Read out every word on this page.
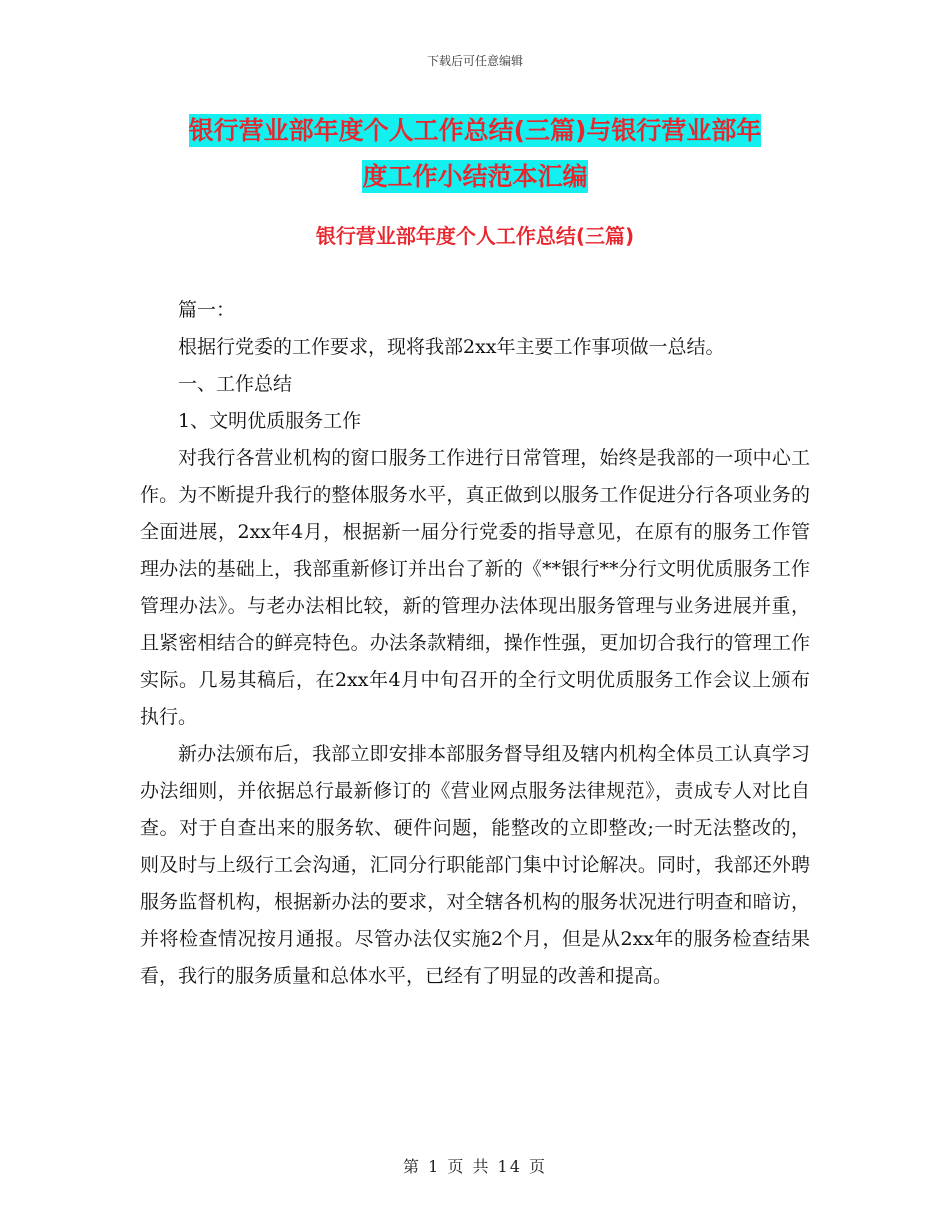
下载后可任意编辑
银行营业部年度个人工作总结(三篇)与银行营业部年
度工作小结范本汇编
银行营业部年度个人工作总结(三篇)

篇一：

根据行党委的工作要求，现将我部2xx年主要工作事项做一总结。

一、工作总结

1、文明优质服务工作

对我行各营业机构的窗口服务工作进行日常管理，始终是我部的一项中心工作。为不断提升我行的整体服务水平，真正做到以服务工作促进分行各项业务的全面进展，2xx年4月，根据新一届分行党委的指导意见，在原有的服务工作管理办法的基础上，我部重新修订并出台了新的《**银行**分行文明优质服务工作管理办法》。与老办法相比较，新的管理办法体现出服务管理与业务进展并重，且紧密相结合的鲜亮特色。办法条款精细，操作性强，更加切合我行的管理工作实际。几易其稿后，在2xx年4月中旬召开的全行文明优质服务工作会议上颁布执行。

新办法颁布后，我部立即安排本部服务督导组及辖内机构全体员工认真学习办法细则，并依据总行最新修订的《营业网点服务法律规范》，责成专人对比自查。对于自查出来的服务软、硬件问题，能整改的立即整改;一时无法整改的，则及时与上级行工会沟通，汇同分行职能部门集中讨论解决。同时，我部还外聘服务监督机构，根据新办法的要求，对全辖各机构的服务状况进行明查和暗访，并将检查情况按月通报。尽管办法仅实施2个月，但是从2xx年的服务检查结果看，我行的服务质量和总体水平，已经有了明显的改善和提高。

第 1 页 共 14 页
